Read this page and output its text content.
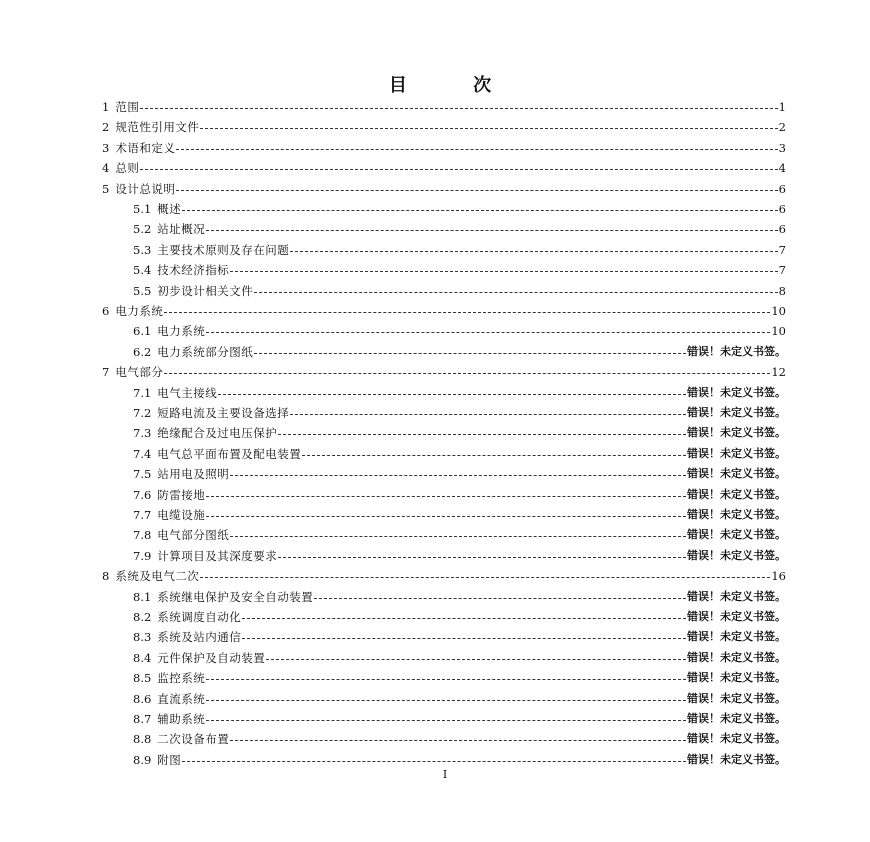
目 次
1 范围	1
2 规范性引用文件	2
3 术语和定义	3
4 总则	4
5 设计总说明	6
5.1 概述	6
5.2 站址概况	6
5.3 主要技术原则及存在问题	7
5.4 技术经济指标	7
5.5 初步设计相关文件	8
6 电力系统	10
6.1 电力系统	10
6.2 电力系统部分图纸	错误！未定义书签。
7 电气部分	12
7.1 电气主接线	错误！未定义书签。
7.2 短路电流及主要设备选择	错误！未定义书签。
7.3 绝缘配合及过电压保护	错误！未定义书签。
7.4 电气总平面布置及配电装置	错误！未定义书签。
7.5 站用电及照明	错误！未定义书签。
7.6 防雷接地	错误！未定义书签。
7.7 电缆设施	错误！未定义书签。
7.8 电气部分图纸	错误！未定义书签。
7.9 计算项目及其深度要求	错误！未定义书签。
8 系统及电气二次	16
8.1 系统继电保护及安全自动装置	错误！未定义书签。
8.2 系统调度自动化	错误！未定义书签。
8.3 系统及站内通信	错误！未定义书签。
8.4 元件保护及自动装置	错误！未定义书签。
8.5 监控系统	错误！未定义书签。
8.6 直流系统	错误！未定义书签。
8.7 辅助系统	错误！未定义书签。
8.8 二次设备布置	错误！未定义书签。
8.9 附图	错误！未定义书签。
I
